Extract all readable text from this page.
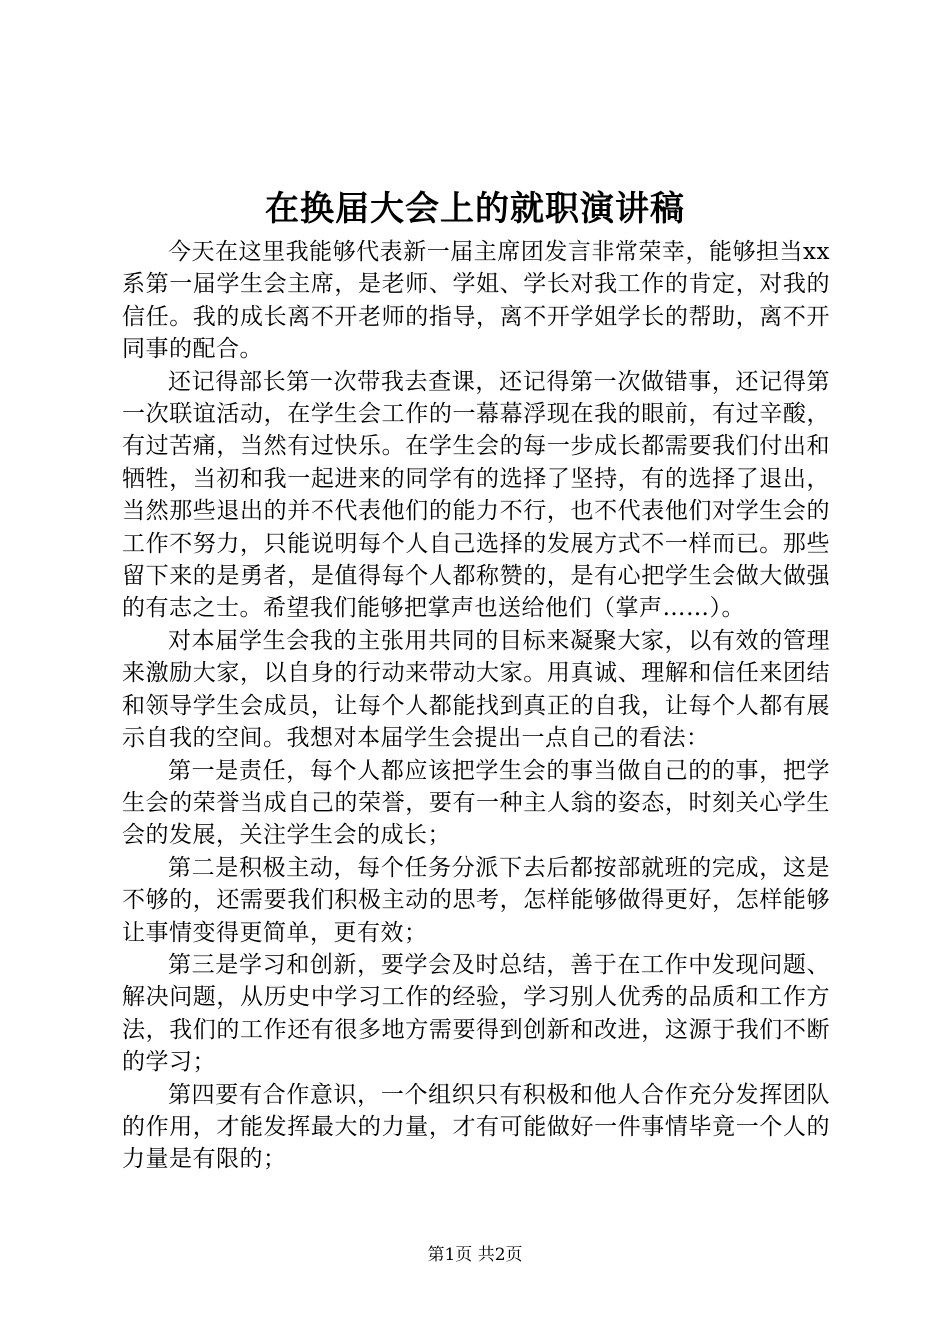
在换届大会上的就职演讲稿

今天在这里我能够代表新一届主席团发言非常荣幸，能够担当xx系第一届学生会主席，是老师、学姐、学长对我工作的肯定，对我的信任。我的成长离不开老师的指导，离不开学姐学长的帮助，离不开同事的配合。

还记得部长第一次带我去查课，还记得第一次做错事，还记得第一次联谊活动，在学生会工作的一幕幕浮现在我的眼前，有过辛酸，有过苦痛，当然有过快乐。在学生会的每一步成长都需要我们付出和牺牲，当初和我一起进来的同学有的选择了坚持，有的选择了退出，当然那些退出的并不代表他们的能力不行，也不代表他们对学生会的工作不努力，只能说明每个人自己选择的发展方式不一样而已。那些留下来的是勇者，是值得每个人都称赞的，是有心把学生会做大做强的有志之士。希望我们能够把掌声也送给他们（掌声……）。

对本届学生会我的主张用共同的目标来凝聚大家，以有效的管理来激励大家，以自身的行动来带动大家。用真诚、理解和信任来团结和领导学生会成员，让每个人都能找到真正的自我，让每个人都有展示自我的空间。我想对本届学生会提出一点自己的看法：

第一是责任，每个人都应该把学生会的事当做自己的的事，把学生会的荣誉当成自己的荣誉，要有一种主人翁的姿态，时刻关心学生会的发展，关注学生会的成长；

第二是积极主动，每个任务分派下去后都按部就班的完成，这是不够的，还需要我们积极主动的思考，怎样能够做得更好，怎样能够让事情变得更简单，更有效；

第三是学习和创新，要学会及时总结，善于在工作中发现问题、解决问题，从历史中学习工作的经验，学习别人优秀的品质和工作方法，我们的工作还有很多地方需要得到创新和改进，这源于我们不断的学习；

第四要有合作意识，一个组织只有积极和他人合作充分发挥团队的作用，才能发挥最大的力量，才有可能做好一件事情毕竟一个人的力量是有限的；

第1页 共2页
